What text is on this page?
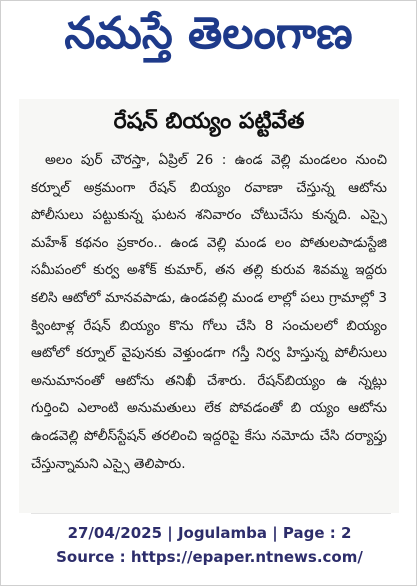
నమస్తే తెలంగాణ
రేషన్ బియ్యం పట్టివేత

అలం పుర్ చౌరస్తా, ఏప్రిల్ 26 : ఉండ వెల్లి మండలం నుంచి కర్నూల్ అక్రమంగా రేషన్ బియ్యం రవాణా చేస్తున్న ఆటోను పోలీసులు పట్టుకున్న ఘటన శనివారం చోటుచేసు కున్నది. ఎస్సై మహేశ్ కథనం ప్రకారం.. ఉండ వెల్లి మండ లం పోతులపాడుస్టేజి సమీపంలో కుర్వ అశోక్ కుమార్, తన తల్లి కురువ శివమ్మ ఇద్దరు కలిసి ఆటోలో మానవపాడు, ఉండవల్లి మండ లాల్లో పలు గ్రామాల్లో 3 క్వింటాళ్ల రేషన్ బియ్యం కొను గోలు చేసి 8 సంచులలో బియ్యం ఆటోలో కర్నూల్ వైపునకు వెళ్తుండగా గస్తీ నిర్వ హిస్తున్న పోలీసులు అనుమానంతో ఆటోను తనిఖీ చేశారు. రేషన్‌బియ్యం ఉ న్నట్లు గుర్తించి ఎలాంటి అనుమతులు లేక పోవడంతో బి య్యం ఆటోను ఉండవెల్లి పోలీస్‌స్టేషన్ తరలించి ఇద్దరిపై కేసు నమోదు చేసి దర్యాప్తు చేస్తున్నామని ఎస్సై తెలిపారు.

27/04/2025 | Jogulamba | Page : 2
Source : https://epaper.ntnews.com/
